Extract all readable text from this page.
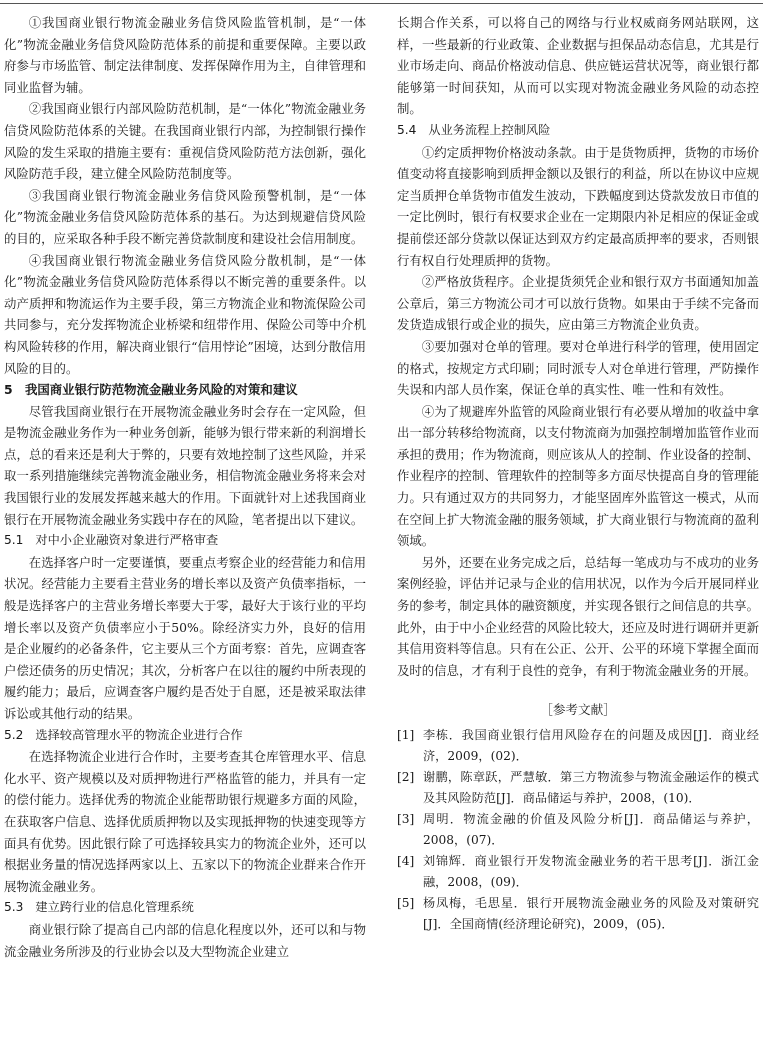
①我国商业银行物流金融业务信贷风险监管机制，是“一体化”物流金融业务信贷风险防范体系的前提和重要保障。主要以政府参与市场监管、制定法律制度、发挥保障作用为主，自律管理和同业监督为辅。

②我国商业银行内部风险防范机制，是“一体化”物流金融业务信贷风险防范体系的关键。在我国商业银行内部，为控制银行操作风险的发生采取的措施主要有：重视信贷风险防范方法创新，强化风险防范手段，建立健全风险防范制度等。

③我国商业银行物流金融业务信贷风险预警机制，是“一体化”物流金融业务信贷风险防范体系的基石。为达到规避信贷风险的目的，应采取各种手段不断完善贷款制度和建设社会信用制度。

④我国商业银行物流金融业务信贷风险分散机制，是“一体化”物流金融业务信贷风险防范体系得以不断完善的重要条件。以动产质押和物流运作为主要手段，第三方物流企业和物流保险公司共同参与，充分发挥物流企业桥梁和纽带作用、保险公司等中介机构风险转移的作用，解决商业银行“信用悖论”困境，达到分散信用风险的目的。

5　我国商业银行防范物流金融业务风险的对策和建议

尽管我国商业银行在开展物流金融业务时会存在一定风险，但是物流金融业务作为一种业务创新，能够为银行带来新的利润增长点，总的看来还是利大于弊的，只要有效地控制了这些风险，并采取一系列措施继续完善物流金融业务，相信物流金融业务将来会对我国银行业的发展发挥越来越大的作用。下面就针对上述我国商业银行在开展物流金融业务实践中存在的风险，笔者提出以下建议。

5.1 对中小企业融资对象进行严格审查

在选择客户时一定要谨慎，要重点考察企业的经营能力和信用状况。经营能力主要看主营业务的增长率以及资产负债率指标，一般是选择客户的主营业务增长率要大于零，最好大于该行业的平均增长率以及资产负债率应小于50%。除经济实力外，良好的信用是企业履约的必备条件，它主要从三个方面考察：首先，应调查客户偿还债务的历史情况；其次，分析客户在以往的履约中所表现的履约能力；最后，应调查客户履约是否处于自愿，还是被采取法律诉讼或其他行动的结果。

5.2 选择较高管理水平的物流企业进行合作

在选择物流企业进行合作时，主要考查其仓库管理水平、信息化水平、资产规模以及对质押物进行严格监管的能力，并具有一定的偿付能力。选择优秀的物流企业能帮助银行规避多方面的风险，在获取客户信息、选择优质质押物以及实现抵押物的快速变现等方面具有优势。因此银行除了可选择较具实力的物流企业外，还可以根据业务量的情况选择两家以上、五家以下的物流企业群来合作开展物流金融业务。

5.3 建立跨行业的信息化管理系统

商业银行除了提高自己内部的信息化程度以外，还可以和与物流金融业务所涉及的行业协会以及大型物流企业建立

长期合作关系，可以将自己的网络与行业权威商务网站联网，这样，一些最新的行业政策、企业数据与担保品动态信息，尤其是行业市场走向、商品价格波动信息、供应链运营状况等，商业银行都能够第一时间获知，从而可以实现对物流金融业务风险的动态控制。

5.4 从业务流程上控制风险

①约定质押物价格波动条款。由于是货物质押，货物的市场价值变动将直接影响到质押金额以及银行的利益，所以在协议中应规定当质押仓单货物市值发生波动，下跌幅度到达贷款发放日市值的一定比例时，银行有权要求企业在一定期限内补足相应的保证金或提前偿还部分贷款以保证达到双方约定最高质押率的要求，否则银行有权自行处理质押的货物。

②严格放货程序。企业提货须凭企业和银行双方书面通知加盖公章后，第三方物流公司才可以放行货物。如果由于手续不完备而发货造成银行或企业的损失，应由第三方物流企业负责。

③要加强对仓单的管理。要对仓单进行科学的管理，使用固定的格式，按规定方式印刷；同时派专人对仓单进行管理，严防操作失误和内部人员作案，保证仓单的真实性、唯一性和有效性。

④为了规避库外监管的风险商业银行有必要从增加的收益中拿出一部分转移给物流商，以支付物流商为加强控制增加监管作业而承担的费用；作为物流商，则应该从人的控制、作业设备的控制、作业程序的控制、管理软件的控制等多方面尽快提高自身的管理能力。只有通过双方的共同努力，才能坚固库外监管这一模式，从而在空间上扩大物流金融的服务领域，扩大商业银行与物流商的盈利领域。

另外，还要在业务完成之后，总结每一笔成功与不成功的业务案例经验，评估并记录与企业的信用状况，以作为今后开展同样业务的参考，制定具体的融资额度，并实现各银行之间信息的共享。此外，由于中小企业经营的风险比较大，还应及时进行调研并更新其信用资料等信息。只有在公正、公开、公平的环境下掌握全面而及时的信息，才有利于良性的竞争，有利于物流金融业务的开展。

［参考文献］
[1] 李栋．我国商业银行信用风险存在的问题及成因[J]．商业经济，2009，(02)．
[2] 谢鹏，陈章跃，严慧敏．第三方物流参与物流金融运作的模式及其风险防范[J]．商品储运与养护，2008，(10)．
[3] 周明．物流金融的价值及风险分析[J]．商品储运与养护，2008，(07)．
[4] 刘锦辉．商业银行开发物流金融业务的若干思考[J]．浙江金融，2008，(09)．
[5] 杨凤梅，毛思星．银行开展物流金融业务的风险及对策研究[J]．全国商情(经济理论研究)，2009，(05)．
